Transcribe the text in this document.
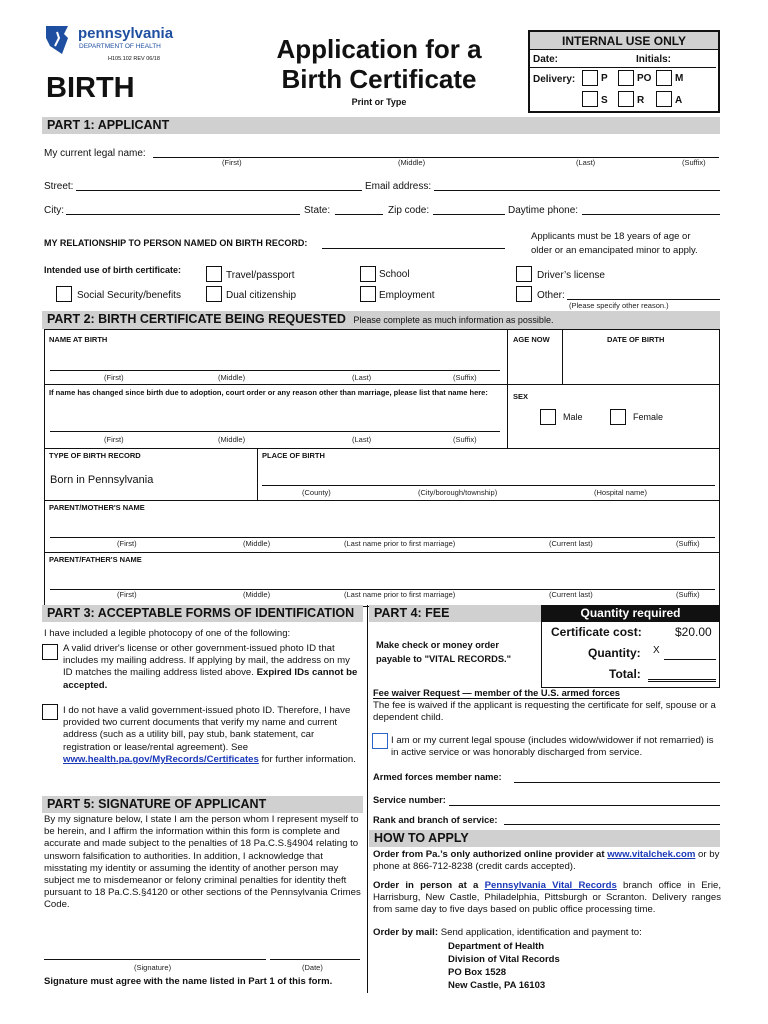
pennsylvania
DEPARTMENT OF HEALTH
H105.102 REV 06/18
BIRTH
Application for a
Birth Certificate
Print or Type
INTERNAL USE ONLY
Date:	Initials:
Delivery:	P	PO M
S	R	A
PART 1: APPLICANT
My current legal name:
(First)	(Middle)	(Last)	(Suffix)
Street:	Email address:
City:	State:	Zip code:	Daytime phone:
MY RELATIONSHIP TO PERSON NAMED ON BIRTH RECORD:
Applicants must be 18 years of age or
older or an emancipated minor to apply.
Intended use of birth certificate:	Travel/passport	School	Driver’s license
Social Security/benefits	Dual citizenship	Employment	Other:
(Please specify other reason.)
PART 2: BIRTH CERTIFICATE BEING REQUESTED Please complete as much information as possible.
NAME AT BIRTH
(First)	(Middle)	(Last)	(Suffix)
AGE NOW	DATE OF BIRTH
If name has changed since birth due to adoption, court order or any reason other than marriage, please list that name here:
(First)	(Middle)	(Last)	(Suffix)
SEX
Male	Female
TYPE OF BIRTH RECORD
Born in Pennsylvania
PLACE OF BIRTH
(County)	(City/borough/township)	(Hospital name)
PARENT/MOTHER'S NAME
(First)	(Middle)	(Last name prior to first marriage)	(Current last)	(Suffix)
PARENT/FATHER'S NAME
(First)	(Middle)	(Last name prior to first marriage)	(Current last)	(Suffix)
PART 3: ACCEPTABLE FORMS OF IDENTIFICATION
I have included a legible photocopy of one of the following:

A valid driver's license or other government-issued photo ID that includes my mailing address. If applying by mail, the address on my ID matches the mailing address listed above. Expired IDs cannot be accepted.

I do not have a valid government-issued photo ID. Therefore, I have provided two current documents that verify my name and current address (such as a utility bill, pay stub, bank statement, car registration or lease/rental agreement). See www.health.pa.gov/MyRecords/Certificates for further information.

PART 5: SIGNATURE OF APPLICANT

By my signature below, I state I am the person whom I represent myself to be herein, and I affirm the information within this form is complete and accurate and made subject to the penalties of 18 Pa.C.S.§4904 relating to unsworn falsification to authorities. In addition, I acknowledge that misstating my identity or assuming the identity of another person may subject me to misdemeanor or felony criminal penalties for identity theft pursuant to 18 Pa.C.S.§4120 or other sections of the Pennsylvania Crimes Code.

(Signature)	(Date)
Signature must agree with the name listed in Part 1 of this form.
PART 4: FEE	Quantity required
Make check or money order payable to "VITAL RECORDS."
Certificate cost:	$20.00
Quantity: X
Total:
Fee waiver Request — member of the U.S. armed forces

The fee is waived if the applicant is requesting the certificate for self, spouse or a dependent child.

I am or my current legal spouse (includes widow/widower if not remarried) is in active service or was honorably discharged from service.

Armed forces member name:
Service number:
Rank and branch of service:
HOW TO APPLY

Order from Pa.’s only authorized online provider at www.vitalchek.com or by phone at 866-712-8238 (credit cards accepted).

Order in person at a Pennsylvania Vital Records branch office in Erie, Harrisburg, New Castle, Philadelphia, Pittsburgh or Scranton. Delivery ranges from same day to five days based on public office processing time.

Order by mail: Send application, identification and payment to:

Department of Health
Division of Vital Records
PO Box 1528
New Castle, PA 16103
